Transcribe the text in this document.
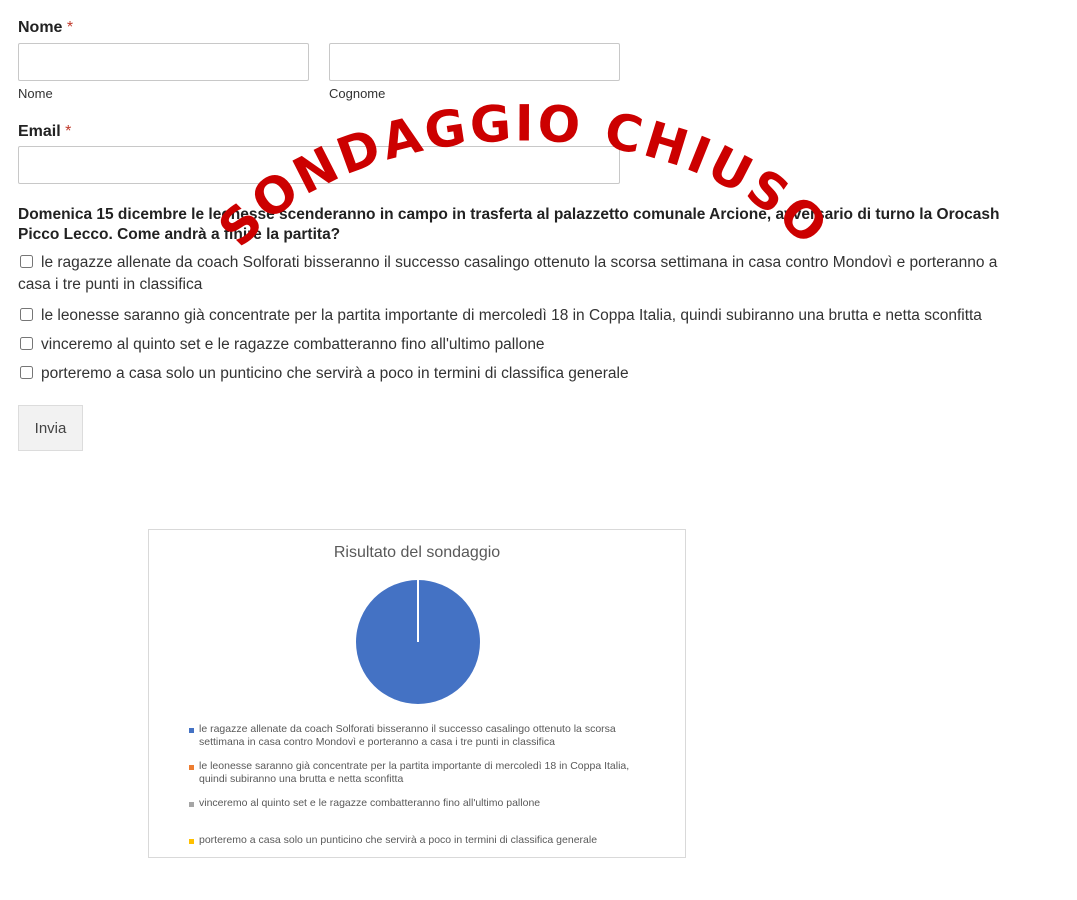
Nome *
Nome	Cognome
Email *
Domenica 15 dicembre le leonesse scenderanno in campo in trasferta al palazzetto comunale Arcione, avversario di turno la Orocash Picco Lecco. Come andrà a finire la partita?
le ragazze allenate da coach Solforati bisseranno il successo casalingo ottenuto la scorsa settimana in casa contro Mondovì e porteranno a casa i tre punti in classifica
le leonesse saranno già concentrate per la partita importante di mercoledì 18 in Coppa Italia, quindi subiranno una brutta e netta sconfitta
vinceremo al quinto set e le ragazze combatteranno fino all'ultimo pallone
porteremo a casa solo un punticino che servirà a poco in termini di classifica generale
Invia
SONDAGGIO CHIUSO
Risultato del sondaggio
le ragazze allenate da coach Solforati bisseranno il successo casalingo ottenuto la scorsa settimana in casa contro Mondovì e porteranno a casa i tre punti in classifica
le leonesse saranno già concentrate per la partita importante di mercoledì 18 in Coppa Italia, quindi subiranno una brutta e netta sconfitta
vinceremo al quinto set e le ragazze combatteranno fino all'ultimo pallone
porteremo a casa solo un punticino che servirà a poco in termini di classifica generale
